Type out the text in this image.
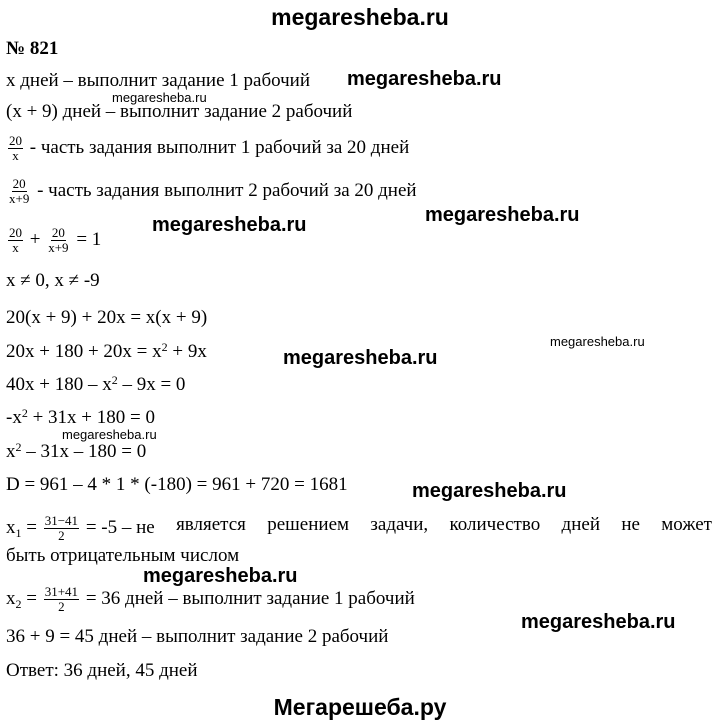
megaresheba.ru
megaresheba.ru
megaresheba.ru
megaresheba.ru
megaresheba.ru
megaresheba.ru
megaresheba.ru
megaresheba.ru
megaresheba.ru
megaresheba.ru
megaresheba.ru
Мегарешеба.ру
№ 821
x дней – выполнит задание 1 рабочий
(x + 9) дней – выполнит задание 2 рабочий
$\frac{20}{x}$ - часть задания выполнит 1 рабочий за 20 дней
$\frac{20}{x+9}$ - часть задания выполнит 2 рабочий за 20 дней
$\frac{20}{x} + \frac{20}{x+9} = 1$
x ≠ 0, x ≠ -9
20(x + 9) + 20x = x(x + 9)
$20x + 180 + 20x = x^2 + 9x$
$40x + 180 - x^2 - 9x = 0$
$-x^2 + 31x + 180 = 0$
$x^2 - 31x - 180 = 0$
D = 961 – 4 * 1 * (-180) = 961 + 720 = 1681
$x_1 = \frac{31-41}{2} = -5$ – не является решением задачи, количество дней не может
быть отрицательным числом
$x_2 = \frac{31+41}{2} = 36$ дней – выполнит задание 1 рабочий
36 + 9 = 45 дней – выполнит задание 2 рабочий
Ответ: 36 дней, 45 дней
